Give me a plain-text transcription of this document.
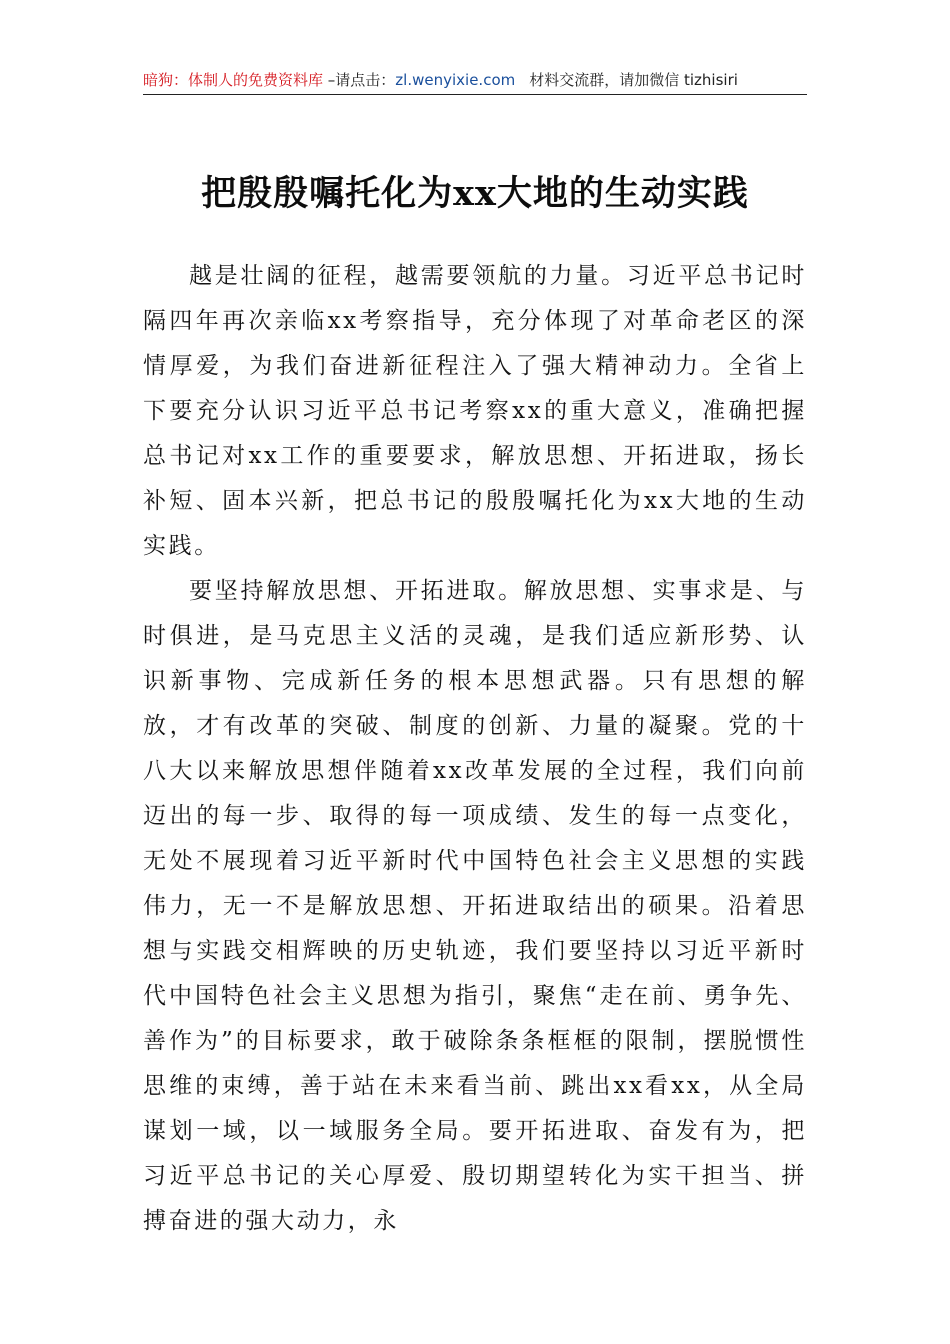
暗狗：体制人的免费资料库 –请点击：zl.wenyixie.com 材料交流群，请加微信 tizhisiri
把殷殷嘱托化为xx大地的生动实践

越是壮阔的征程，越需要领航的力量。习近平总书记时隔四年再次亲临xx考察指导，充分体现了对革命老区的深情厚爱，为我们奋进新征程注入了强大精神动力。全省上下要充分认识习近平总书记考察xx的重大意义，准确把握总书记对xx工作的重要要求，解放思想、开拓进取，扬长补短、固本兴新，把总书记的殷殷嘱托化为xx大地的生动实践。

要坚持解放思想、开拓进取。解放思想、实事求是、与时俱进，是马克思主义活的灵魂，是我们适应新形势、认识新事物、完成新任务的根本思想武器。只有思想的解放，才有改革的突破、制度的创新、力量的凝聚。党的十八大以来解放思想伴随着xx改革发展的全过程，我们向前迈出的每一步、取得的每一项成绩、发生的每一点变化，无处不展现着习近平新时代中国特色社会主义思想的实践伟力，无一不是解放思想、开拓进取结出的硕果。沿着思想与实践交相辉映的历史轨迹，我们要坚持以习近平新时代中国特色社会主义思想为指引，聚焦“走在前、勇争先、善作为”的目标要求，敢于破除条条框框的限制，摆脱惯性思维的束缚，善于站在未来看当前、跳出xx看xx，从全局谋划一域，以一域服务全局。要开拓进取、奋发有为，把习近平总书记的关心厚爱、殷切期望转化为实干担当、拼搏奋进的强大动力，永
